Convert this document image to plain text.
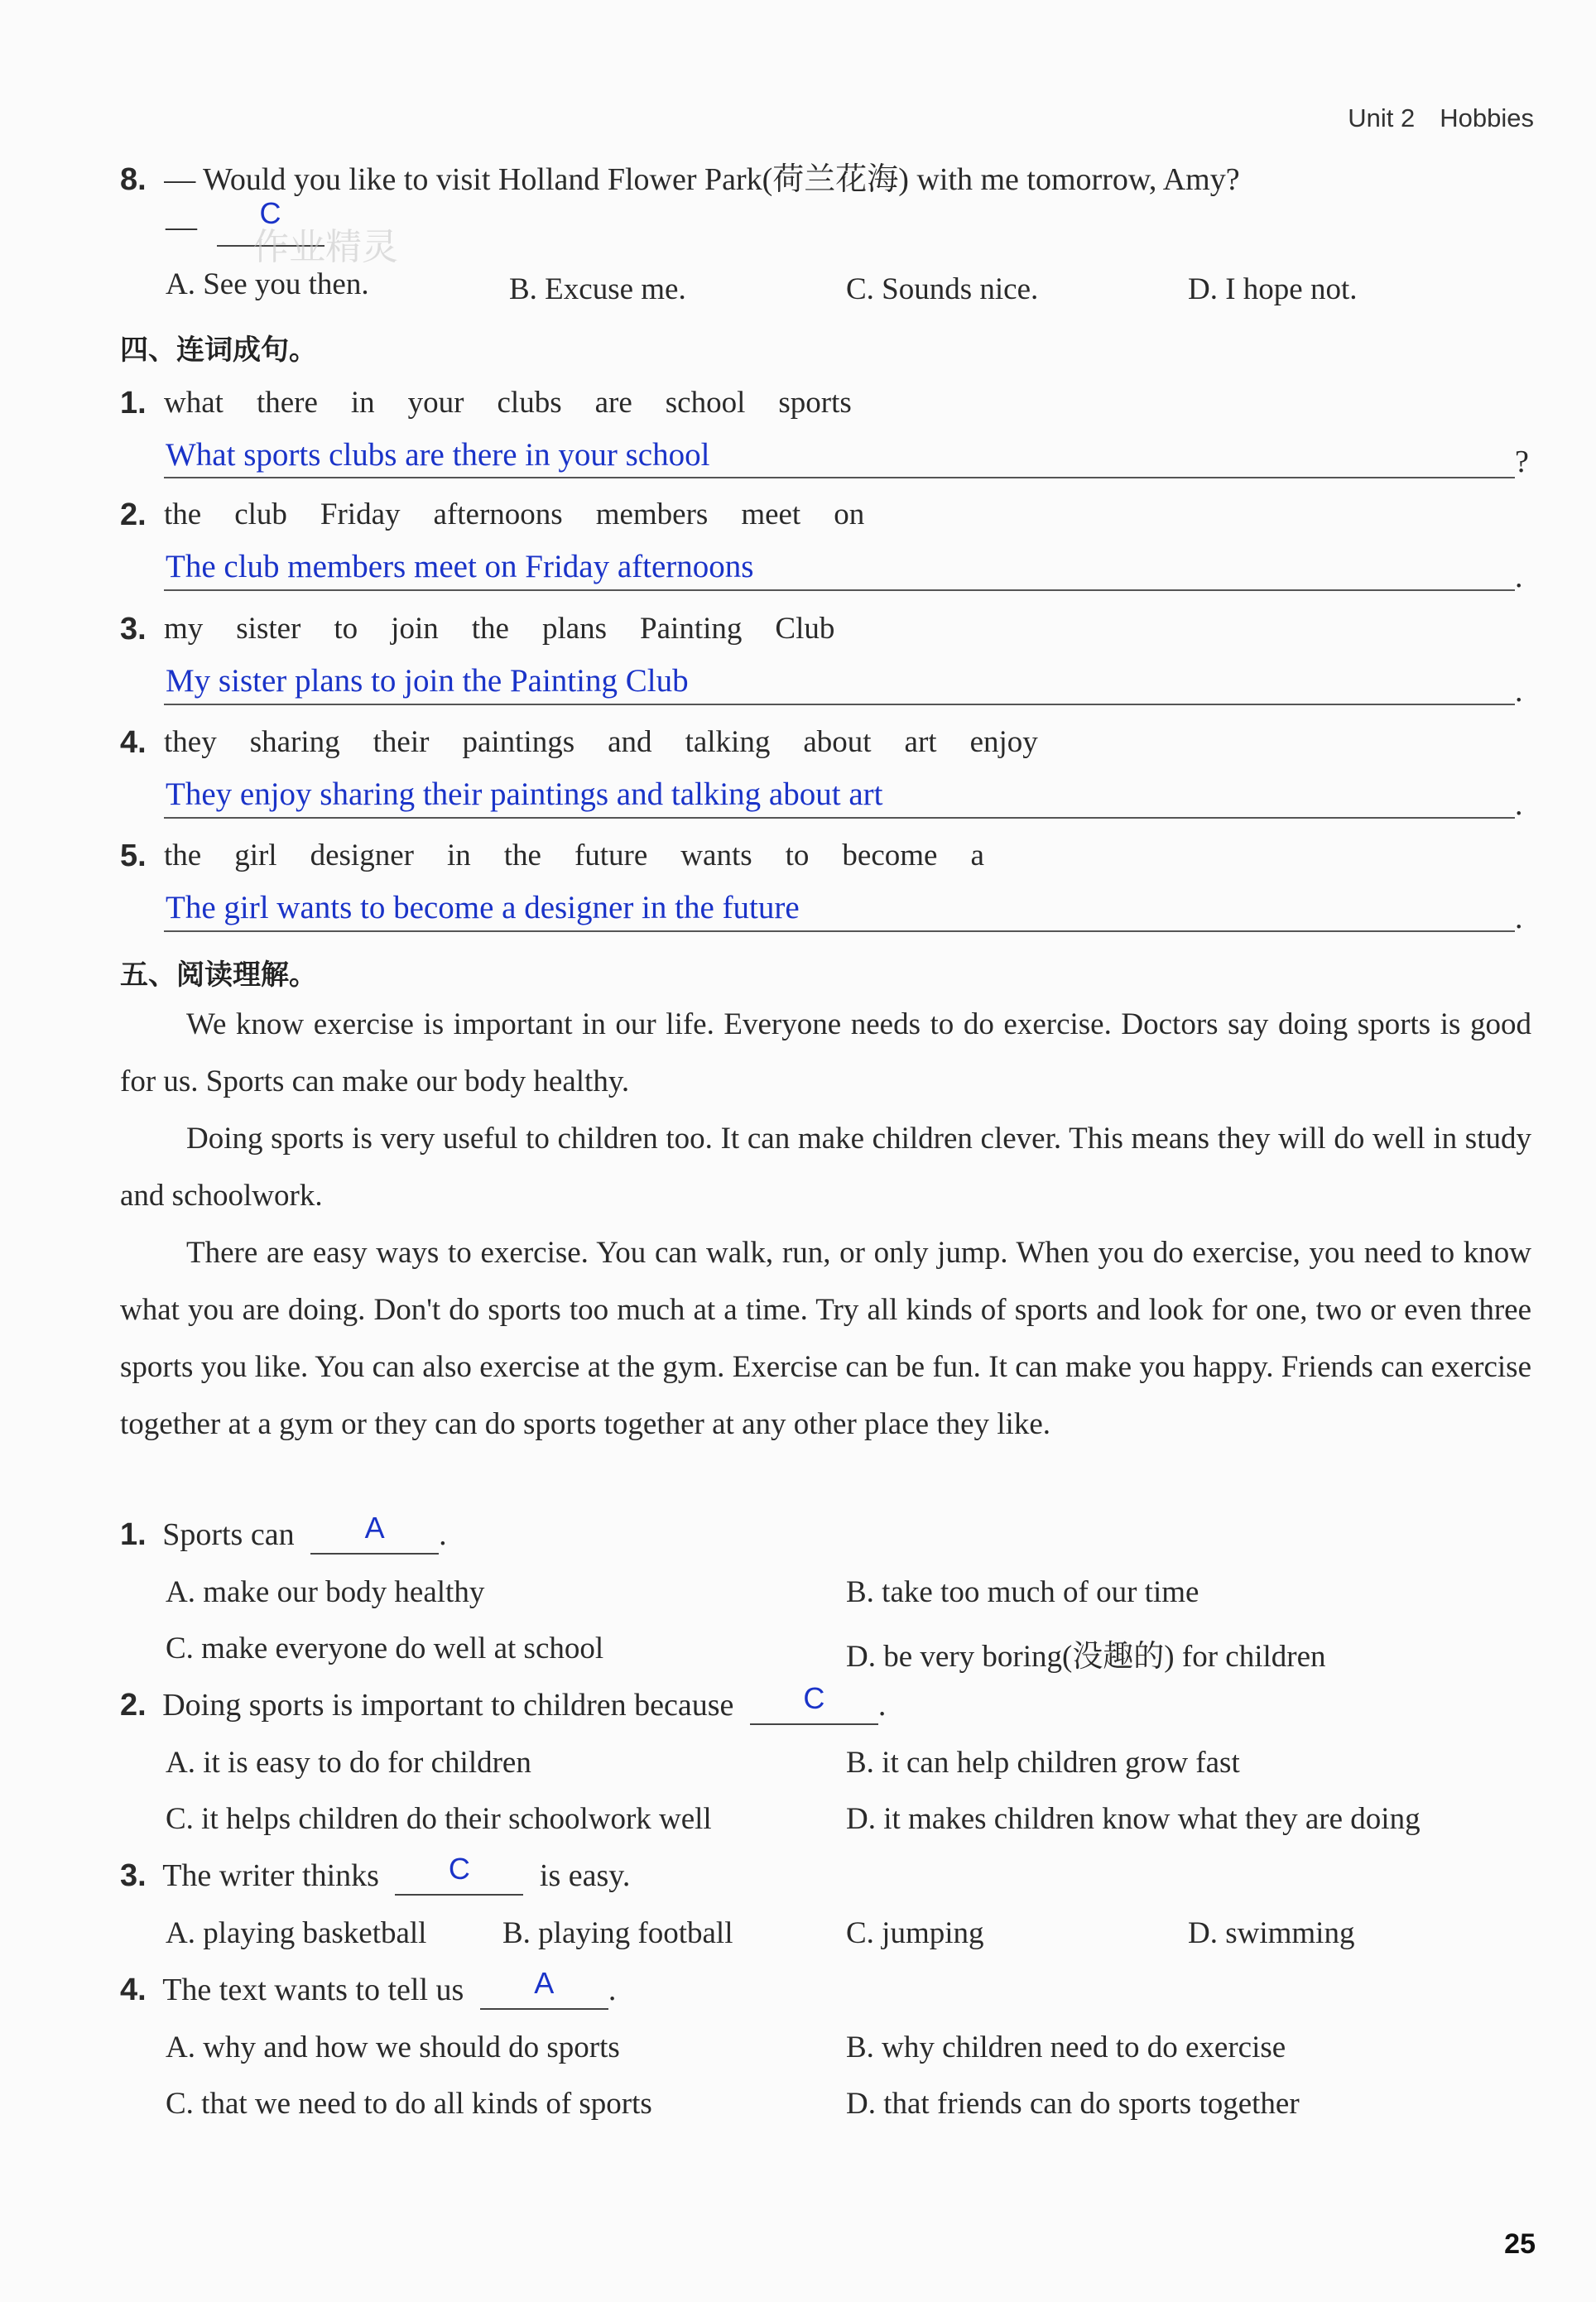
Unit 2 Hobbies
8. — Would you like to visit Holland Flower Park(荷兰花海) with me tomorrow, Amy?
— C
作业精灵
A. See you then.	B. Excuse me.	C. Sounds nice.	D. I hope not.
四、连词成句。
1. what there in your clubs are school sports
What sports clubs are there in your school	?
2. the club Friday afternoons members meet on
The club members meet on Friday afternoons	.
3. my sister to join the plans Painting Club
My sister plans to join the Painting Club	.
4. they sharing their paintings and talking about art enjoy
They enjoy sharing their paintings and talking about art	.
5. the girl designer in the future wants to become a
The girl wants to become a designer in the future	.
五、阅读理解。
We know exercise is important in our life. Everyone needs to do exercise. Doctors say doing sports is good for us. Sports can make our body healthy.
Doing sports is very useful to children too. It can make children clever. This means they will do well in study and schoolwork.
There are easy ways to exercise. You can walk, run, or only jump. When you do exercise, you need to know what you are doing. Don't do sports too much at a time. Try all kinds of sports and look for one, two or even three sports you like. You can also exercise at the gym. Exercise can be fun. It can make you happy. Friends can exercise together at a gym or they can do sports together at any other place they like.
1. Sports can A .
A. make our body healthy	B. take too much of our time
C. make everyone do well at school	D. be very boring(没趣的) for children
2. Doing sports is important to children because C .
A. it is easy to do for children	B. it can help children grow fast
C. it helps children do their schoolwork well	D. it makes children know what they are doing
3. The writer thinks C is easy.
A. playing basketball B. playing football	C. jumping	D. swimming
4. The text wants to tell us A .
A. why and how we should do sports	B. why children need to do exercise
C. that we need to do all kinds of sports	D. that friends can do sports together
25
